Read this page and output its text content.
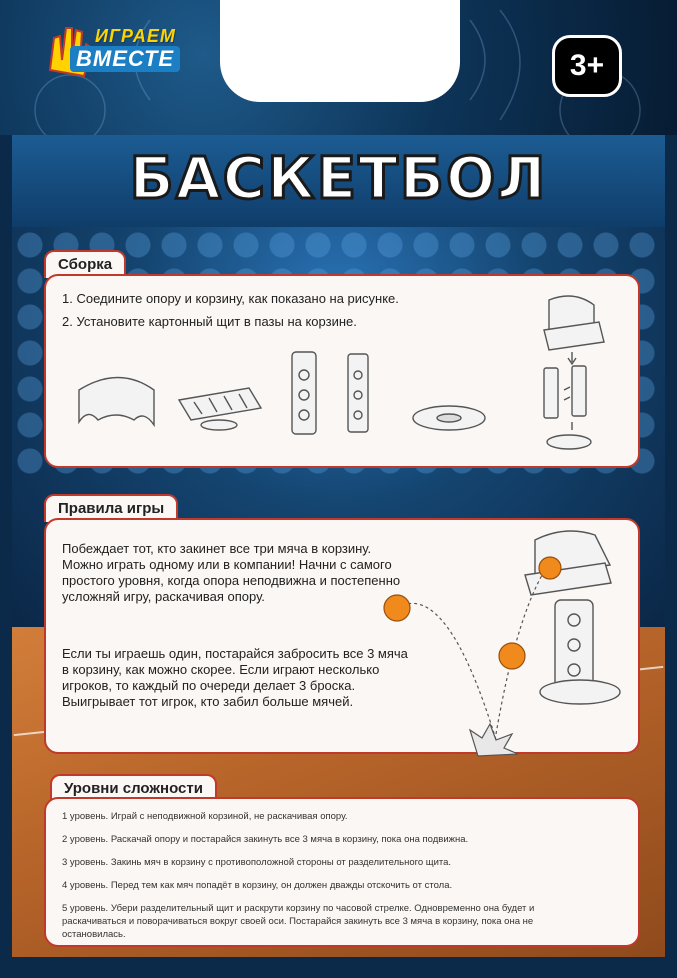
ИГРАЕМ
ВМЕСТЕ	3+
БАСКЕТБОЛ
Сборка
1. Соедините опору и корзину, как показано на рисунке.
2. Установите картонный щит в пазы на корзине.
Правила игры
Побеждает тот, кто закинет все три мяча в корзину.
Можно играть одному или в компании! Начни с самого
простого уровня, когда опора неподвижна и постепенно
усложняй игру, раскачивая опору.
Если ты играешь один, постарайся забросить все 3 мяча
в корзину, как можно скорее. Если играют несколько
игроков, то каждый по очереди делает 3 броска.
Выигрывает тот игрок, кто забил больше мячей.
Уровни сложности
1 уровень. Играй с неподвижной корзиной, не раскачивая опору.
2 уровень. Раскачай опору и постарайся закинуть все 3 мяча в корзину, пока она подвижна.
3 уровень. Закинь мяч в корзину с противоположной стороны от разделительного щита.
4 уровень. Перед тем как мяч попадёт в корзину, он должен дважды отскочить от стола.
5 уровень. Убери разделительный щит и раскрути корзину по часовой стрелке. Одновременно она будет и
раскачиваться и поворачиваться вокруг своей оси. Постарайся закинуть все 3 мяча в корзину, пока она не
остановилась.
